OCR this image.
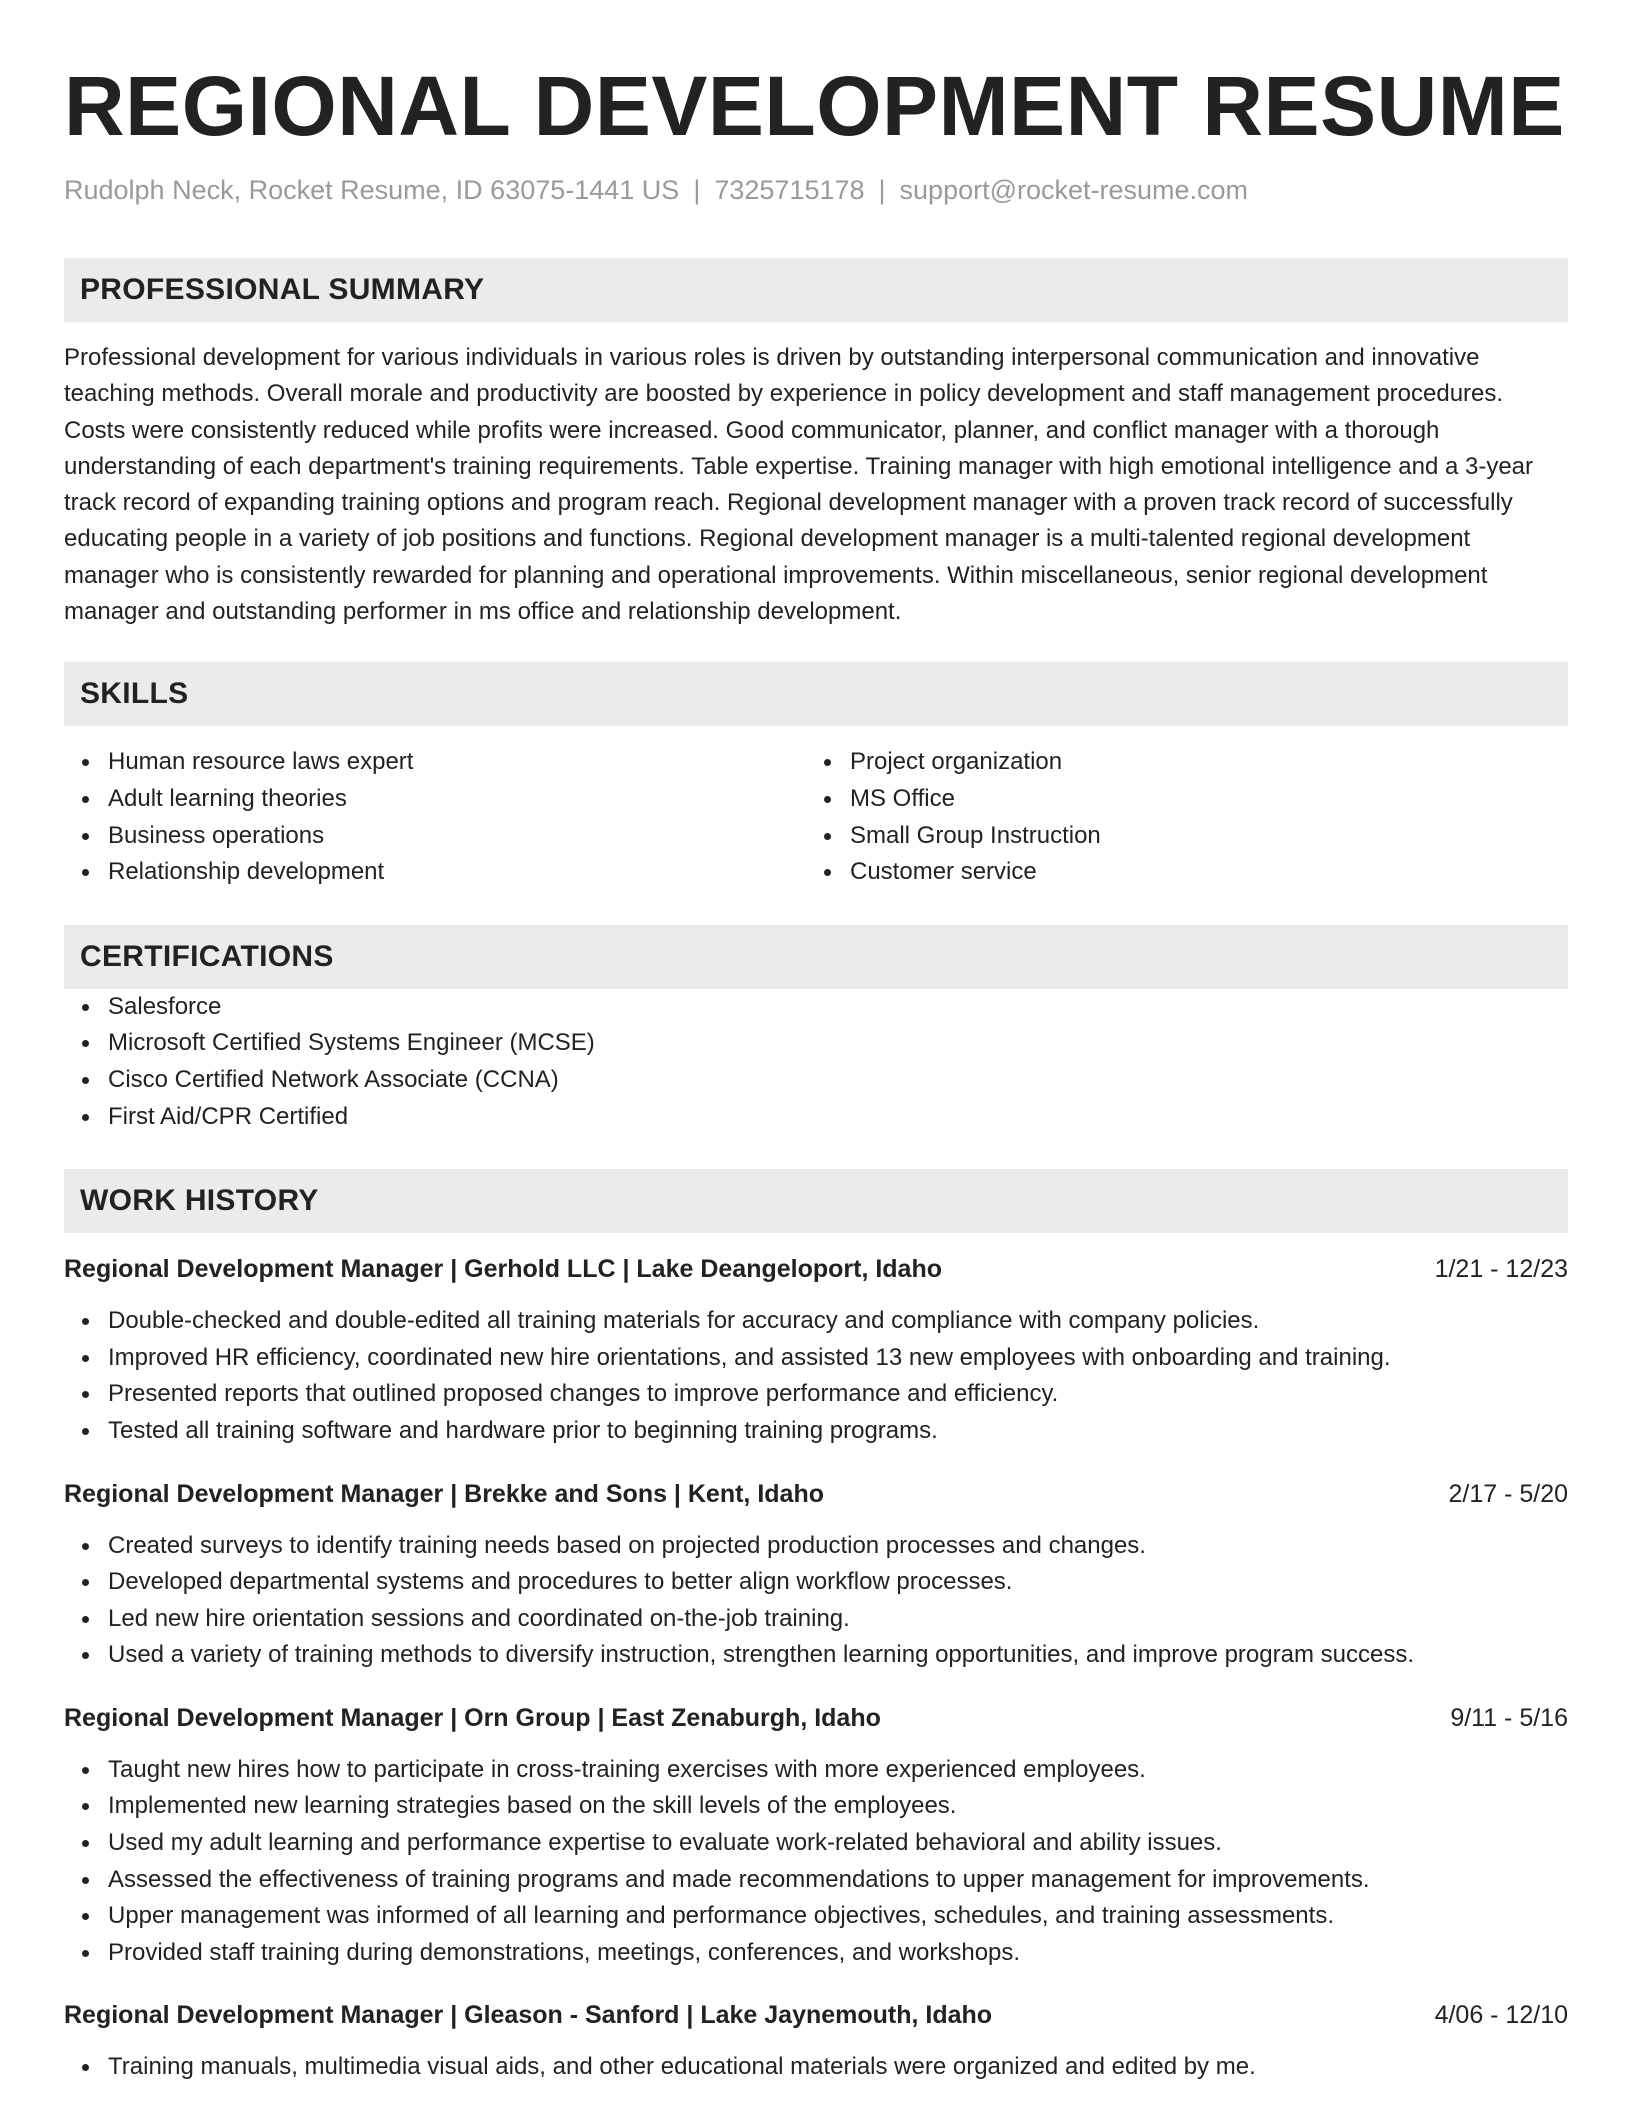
REGIONAL DEVELOPMENT RESUME
Rudolph Neck, Rocket Resume, ID 63075-1441 US | 7325715178 | support@rocket-resume.com
PROFESSIONAL SUMMARY

Professional development for various individuals in various roles is driven by outstanding interpersonal communication and innovative teaching methods. Overall morale and productivity are boosted by experience in policy development and staff management procedures. Costs were consistently reduced while profits were increased. Good communicator, planner, and conflict manager with a thorough understanding of each department's training requirements. Table expertise. Training manager with high emotional intelligence and a 3-year track record of expanding training options and program reach. Regional development manager with a proven track record of successfully educating people in a variety of job positions and functions. Regional development manager is a multi-talented regional development manager who is consistently rewarded for planning and operational improvements. Within miscellaneous, senior regional development manager and outstanding performer in ms office and relationship development.

SKILLS
Human resource laws expert
Adult learning theories
Business operations
Relationship development
Project organization
MS Office
Small Group Instruction
Customer service
CERTIFICATIONS
Salesforce
Microsoft Certified Systems Engineer (MCSE)
Cisco Certified Network Associate (CCNA)
First Aid/CPR Certified
WORK HISTORY
Regional Development Manager | Gerhold LLC | Lake Deangeloport, Idaho	1/21 - 12/23
Double-checked and double-edited all training materials for accuracy and compliance with company policies.
Improved HR efficiency, coordinated new hire orientations, and assisted 13 new employees with onboarding and training.
Presented reports that outlined proposed changes to improve performance and efficiency.
Tested all training software and hardware prior to beginning training programs.
Regional Development Manager | Brekke and Sons | Kent, Idaho	2/17 - 5/20
Created surveys to identify training needs based on projected production processes and changes.
Developed departmental systems and procedures to better align workflow processes.
Led new hire orientation sessions and coordinated on-the-job training.
Used a variety of training methods to diversify instruction, strengthen learning opportunities, and improve program success.
Regional Development Manager | Orn Group | East Zenaburgh, Idaho	9/11 - 5/16
Taught new hires how to participate in cross-training exercises with more experienced employees.
Implemented new learning strategies based on the skill levels of the employees.
Used my adult learning and performance expertise to evaluate work-related behavioral and ability issues.
Assessed the effectiveness of training programs and made recommendations to upper management for improvements.
Upper management was informed of all learning and performance objectives, schedules, and training assessments.
Provided staff training during demonstrations, meetings, conferences, and workshops.
Regional Development Manager | Gleason - Sanford | Lake Jaynemouth, Idaho	4/06 - 12/10
Training manuals, multimedia visual aids, and other educational materials were organized and edited by me.
